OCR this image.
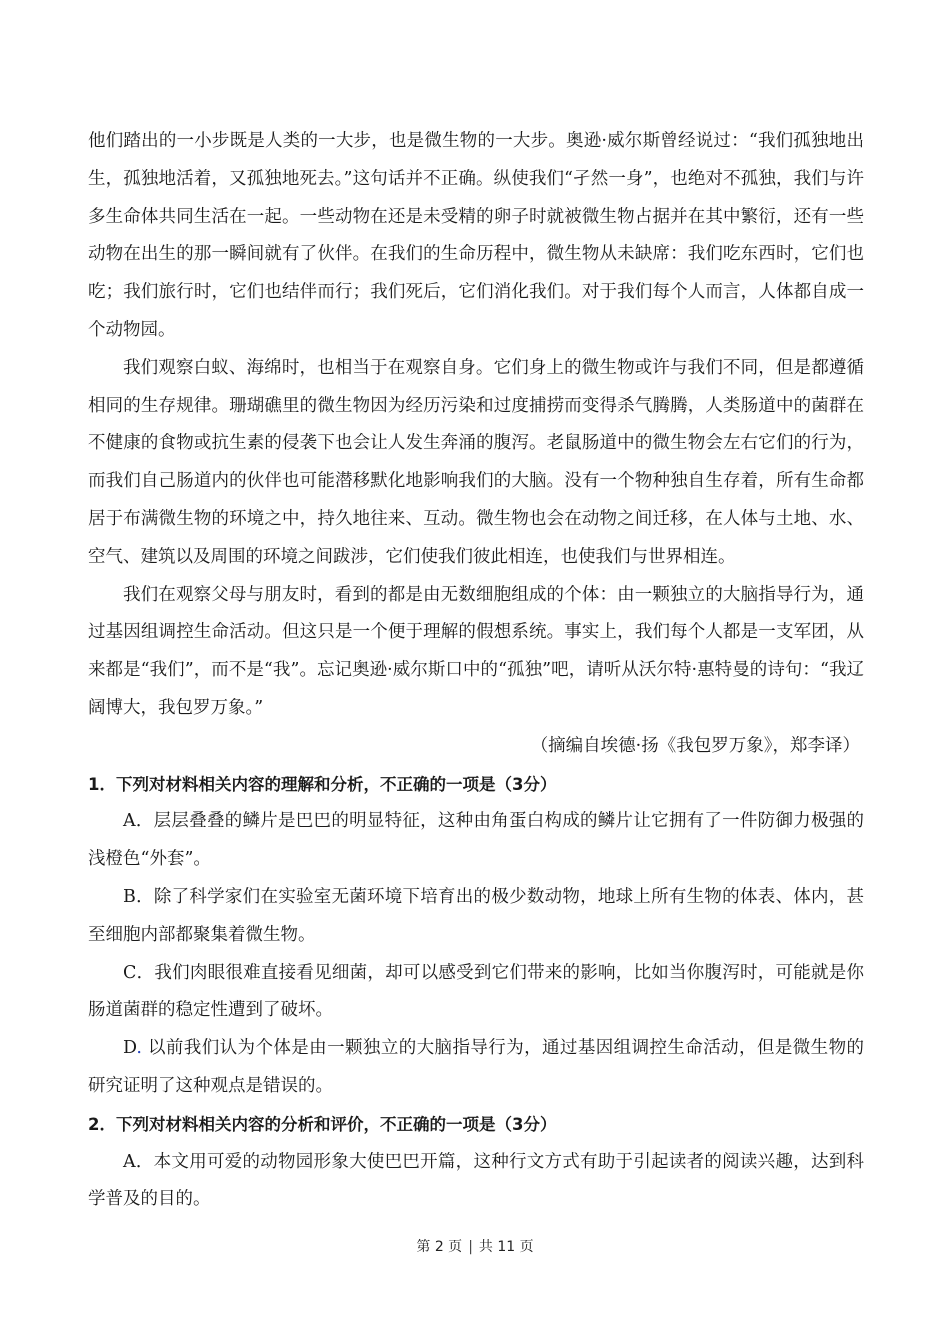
他们踏出的一小步既是人类的一大步，也是微生物的一大步。奥逊·威尔斯曾经说过：“我们孤独地出生，孤独地活着，又孤独地死去。”这句话并不正确。纵使我们“孑然一身”，也绝对不孤独，我们与许多生命体共同生活在一起。一些动物在还是未受精的卵子时就被微生物占据并在其中繁衍，还有一些动物在出生的那一瞬间就有了伙伴。在我们的生命历程中，微生物从未缺席：我们吃东西时，它们也吃；我们旅行时，它们也结伴而行；我们死后，它们消化我们。对于我们每个人而言，人体都自成一个动物园。

我们观察白蚁、海绵时，也相当于在观察自身。它们身上的微生物或许与我们不同，但是都遵循相同的生存规律。珊瑚礁里的微生物因为经历污染和过度捕捞而变得杀气腾腾，人类肠道中的菌群在不健康的食物或抗生素的侵袭下也会让人发生奔涌的腹泻。老鼠肠道中的微生物会左右它们的行为，而我们自己肠道内的伙伴也可能潜移默化地影响我们的大脑。没有一个物种独自生存着，所有生命都居于布满微生物的环境之中，持久地往来、互动。微生物也会在动物之间迁移，在人体与土地、水、空气、建筑以及周围的环境之间跋涉，它们使我们彼此相连，也使我们与世界相连。

我们在观察父母与朋友时，看到的都是由无数细胞组成的个体：由一颗独立的大脑指导行为，通过基因组调控生命活动。但这只是一个便于理解的假想系统。事实上，我们每个人都是一支军团，从来都是“我们”，而不是“我”。忘记奥逊·威尔斯口中的“孤独”吧，请听从沃尔特·惠特曼的诗句：“我辽阔博大，我包罗万象。”

（摘编自埃德·扬《我包罗万象》，郑李译）

1．下列对材料相关内容的理解和分析，不正确的一项是（3分）

A．层层叠叠的鳞片是巴巴的明显特征，这种由角蛋白构成的鳞片让它拥有了一件防御力极强的浅橙色“外套”。

B．除了科学家们在实验室无菌环境下培育出的极少数动物，地球上所有生物的体表、体内，甚至细胞内部都聚集着微生物。

C．我们肉眼很难直接看见细菌，却可以感受到它们带来的影响，比如当你腹泻时，可能就是你肠道菌群的稳定性遭到了破坏。

D. 以前我们认为个体是由一颗独立的大脑指导行为，通过基因组调控生命活动，但是微生物的研究证明了这种观点是错误的。

2．下列对材料相关内容的分析和评价，不正确的一项是（3分）

A．本文用可爱的动物园形象大使巴巴开篇，这种行文方式有助于引起读者的阅读兴趣，达到科学普及的目的。

第 2 页 | 共 11 页
